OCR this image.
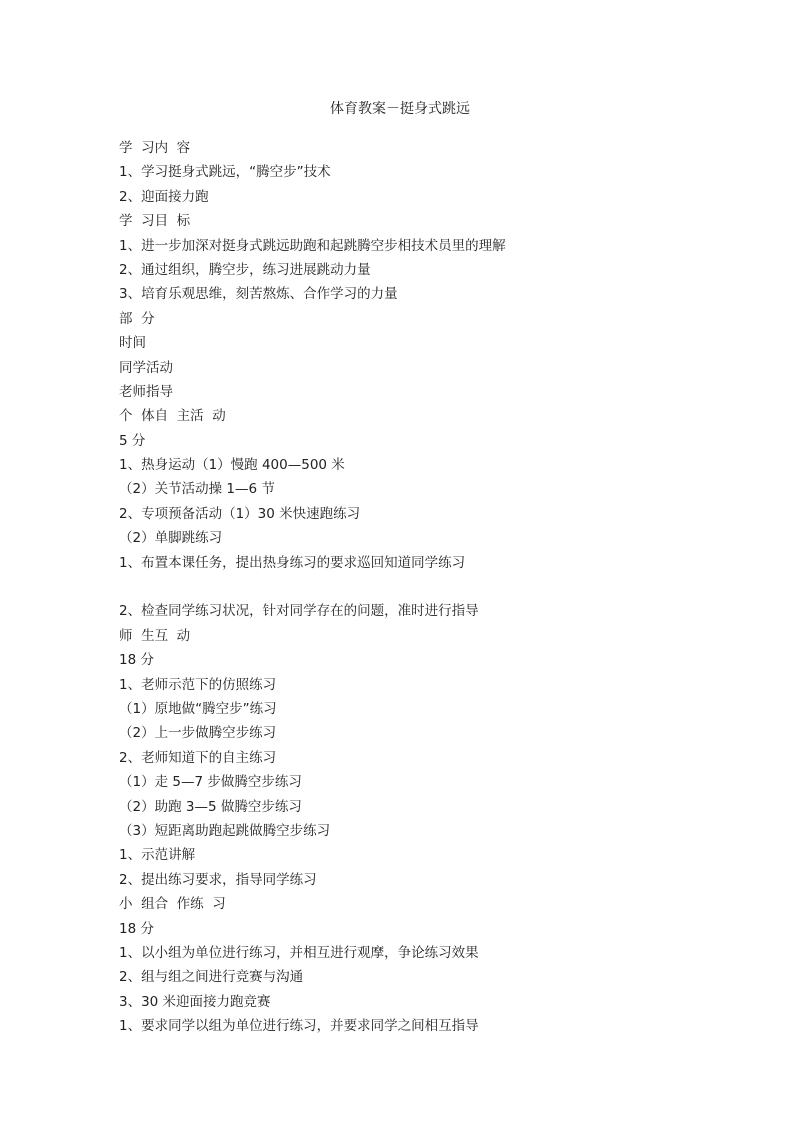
体育教案－挺身式跳远
学  习内  容
1、学习挺身式跳远，“腾空步”技术
2、迎面接力跑
学  习目  标
1、进一步加深对挺身式跳远助跑和起跳腾空步相技术员里的理解
2、通过组织，腾空步，练习进展跳动力量
3、培育乐观思维，刻苦熬炼、合作学习的力量
部  分
时间
同学活动
老师指导
个  体自  主活  动
5 分
1、热身运动（1）慢跑 400—500 米
（2）关节活动操 1—6 节
2、专项预备活动（1）30 米快速跑练习
（2）单脚跳练习
1、布置本课任务，提出热身练习的要求巡回知道同学练习
2、检查同学练习状况，针对同学存在的问题，准时进行指导
师  生互  动
18 分
1、老师示范下的仿照练习
（1）原地做“腾空步”练习
（2）上一步做腾空步练习
2、老师知道下的自主练习
（1）走 5—7 步做腾空步练习
（2）助跑 3—5 做腾空步练习
（3）短距离助跑起跳做腾空步练习
1、示范讲解
2、提出练习要求，指导同学练习
小  组合  作练  习
18 分
1、以小组为单位进行练习，并相互进行观摩，争论练习效果
2、组与组之间进行竞赛与沟通
3、30 米迎面接力跑竞赛
1、要求同学以组为单位进行练习，并要求同学之间相互指导
